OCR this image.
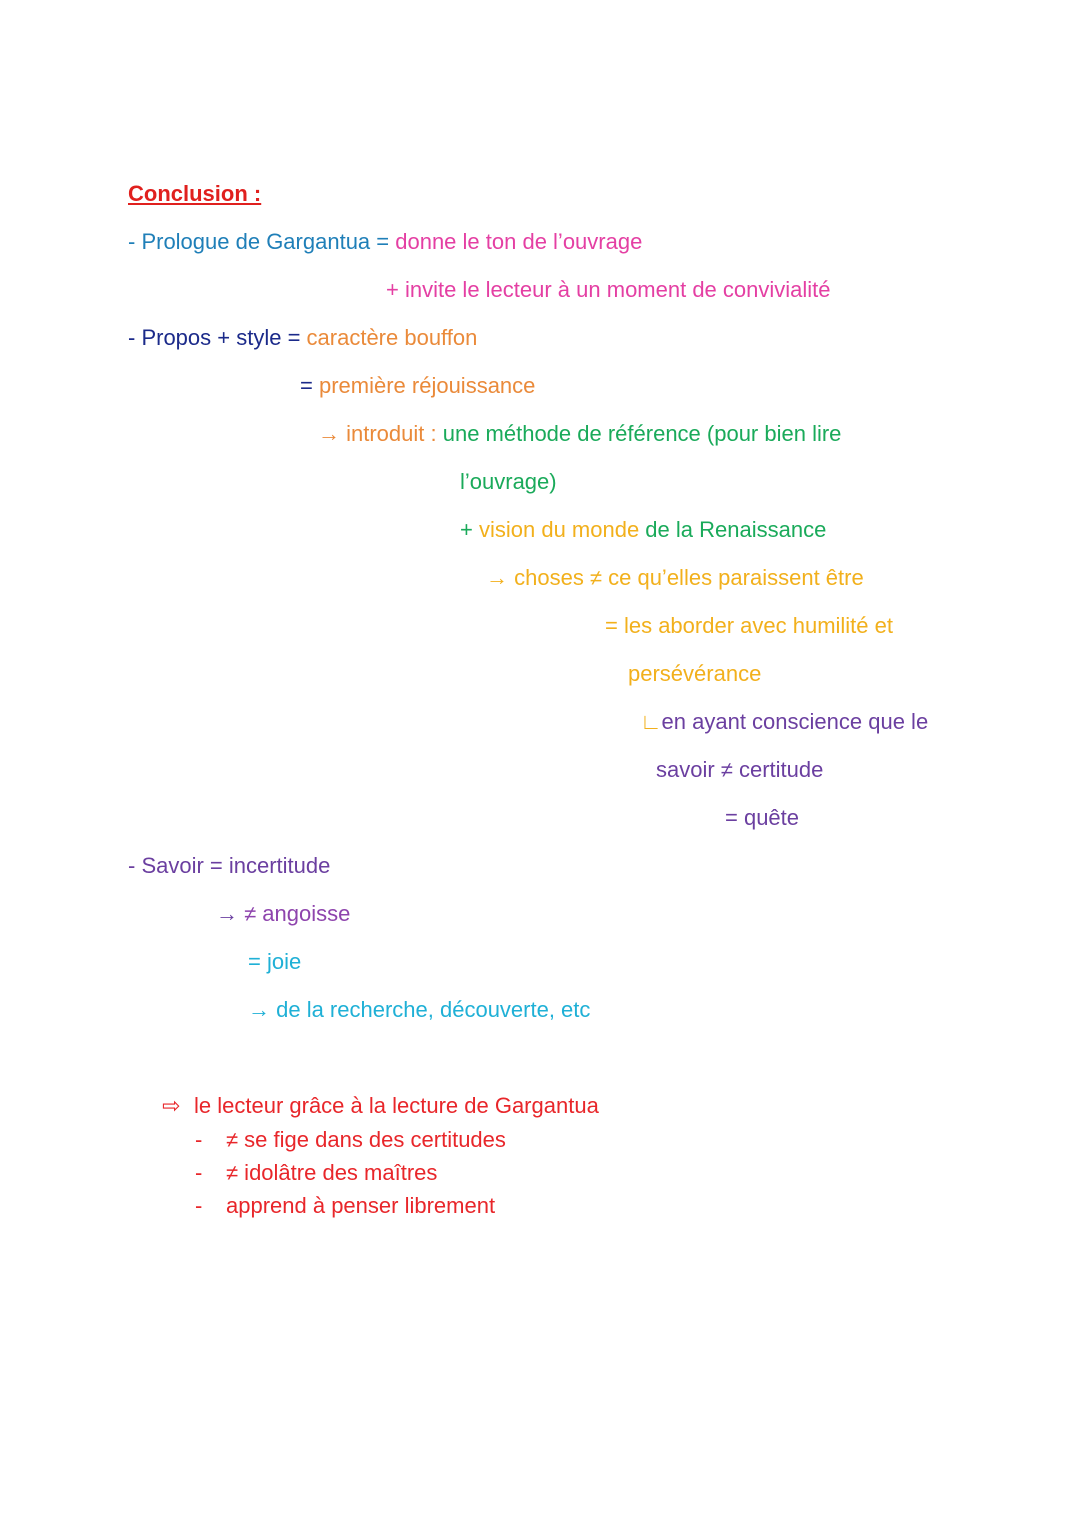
Conclusion :
- Prologue de Gargantua = donne le ton de l’ouvrage
+ invite le lecteur à un moment de convivialité
- Propos + style = caractère bouffon
= première réjouissance
→ introduit : une méthode de référence (pour bien lire
l’ouvrage)
+ vision du monde de la Renaissance
→ choses ≠ ce qu’elles paraissent être
= les aborder avec humilité et
persévérance
∟en ayant conscience que le
savoir ≠ certitude
= quête
- Savoir = incertitude
→ ≠ angoisse
= joie
→ de la recherche, découverte, etc
⇨ le lecteur grâce à la lecture de Gargantua
- ≠ se fige dans des certitudes
- ≠ idolâtre des maîtres
- apprend à penser librement
